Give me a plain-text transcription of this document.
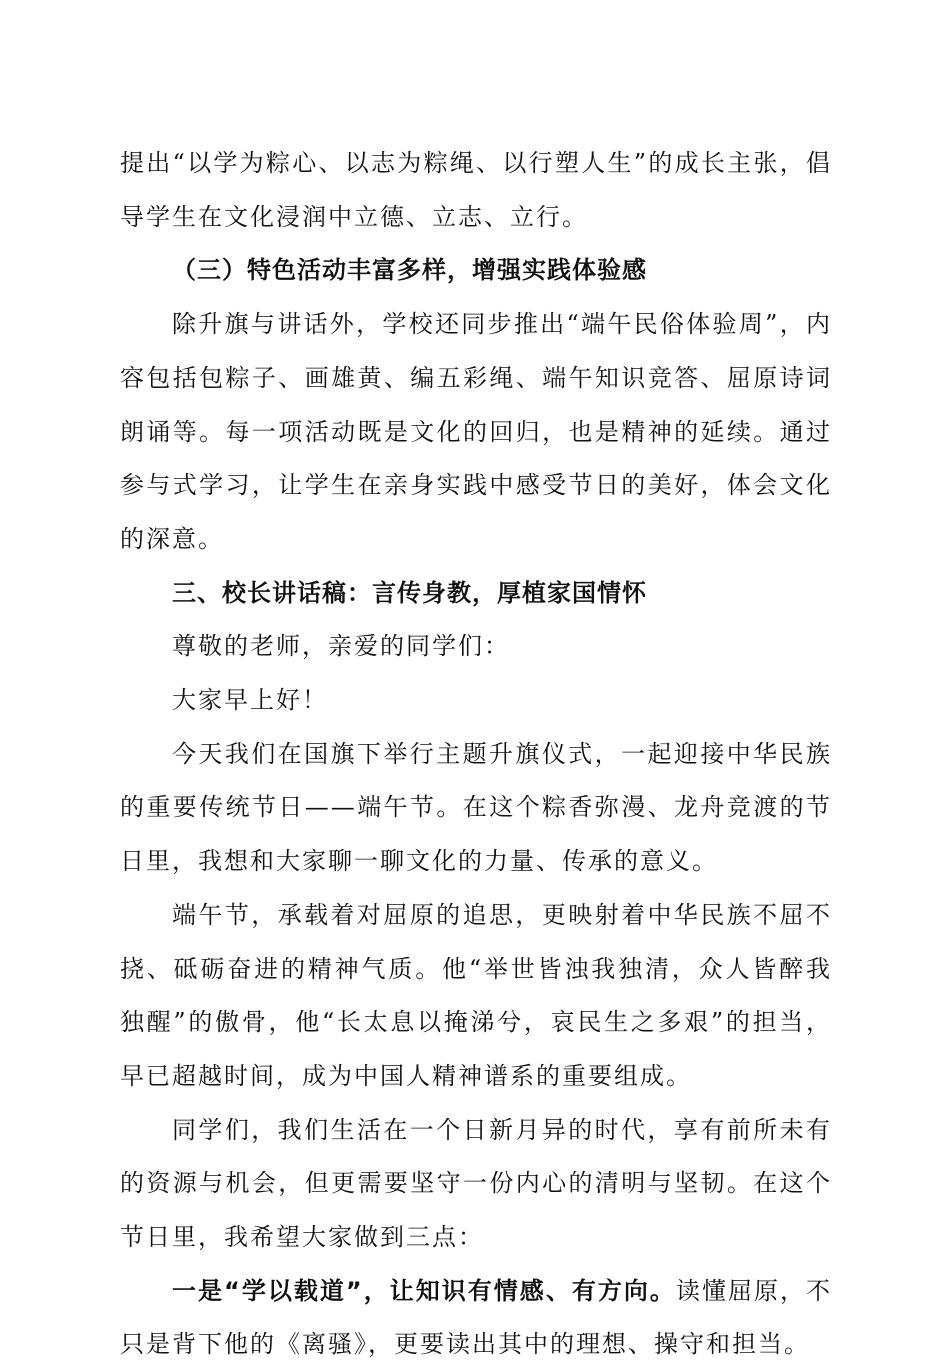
提出“以学为粽心、以志为粽绳、以行塑人生”的成长主张，倡导学生在文化浸润中立德、立志、立行。

（三）特色活动丰富多样，增强实践体验感

除升旗与讲话外，学校还同步推出“端午民俗体验周”，内容包括包粽子、画雄黄、编五彩绳、端午知识竞答、屈原诗词朗诵等。每一项活动既是文化的回归，也是精神的延续。通过参与式学习，让学生在亲身实践中感受节日的美好，体会文化的深意。

三、校长讲话稿：言传身教，厚植家国情怀

尊敬的老师，亲爱的同学们：

大家早上好！

今天我们在国旗下举行主题升旗仪式，一起迎接中华民族的重要传统节日——端午节。在这个粽香弥漫、龙舟竞渡的节日里，我想和大家聊一聊文化的力量、传承的意义。

端午节，承载着对屈原的追思，更映射着中华民族不屈不挠、砥砺奋进的精神气质。他“举世皆浊我独清，众人皆醉我独醒”的傲骨，他“长太息以掩涕兮，哀民生之多艰”的担当，早已超越时间，成为中国人精神谱系的重要组成。

同学们，我们生活在一个日新月异的时代，享有前所未有的资源与机会，但更需要坚守一份内心的清明与坚韧。在这个节日里，我希望大家做到三点：

一是“学以载道”，让知识有情感、有方向。读懂屈原，不只是背下他的《离骚》，更要读出其中的理想、操守和担当。
